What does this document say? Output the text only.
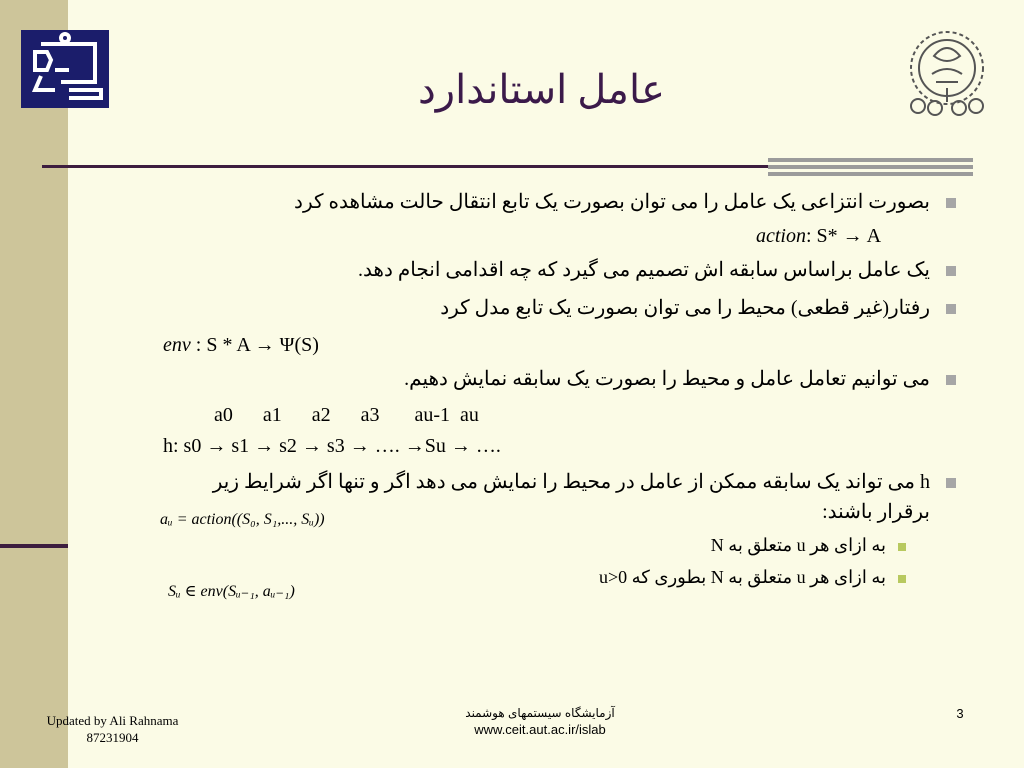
عامل استاندارد
بصورت انتزاعی یک عامل را می توان بصورت یک تابع انتقال حالت مشاهده کرد
action: S* → A
یک عامل براساس سابقه اش تصمیم می گیرد که چه اقدامی انجام دهد.
رفتار(غیر قطعی) محیط را می توان بصورت یک تابع مدل کرد
env : S * A → Ψ(S)
می توانیم تعامل عامل و محیط را بصورت یک سابقه نمایش دهیم.
a0      a1      a2      a3       au-1  au
h: s0 → s1 → s2 → s3 → …. →Su → ….
h می تواند یک سابقه ممکن از عامل در محیط را نمایش می دهد اگر و تنها اگر شرایط زیر
برقرار باشند:
aᵤ = action((S₀, S₁,..., Sᵤ))
به ازای هر u متعلق به N
به ازای هر u متعلق به N بطوری که u>0
Sᵤ ∈ env(Sᵤ₋₁, aᵤ₋₁)
Updated by Ali Rahnama
87231904
آزمایشگاه سیستمهای هوشمند
www.ceit.aut.ac.ir/islab
3
